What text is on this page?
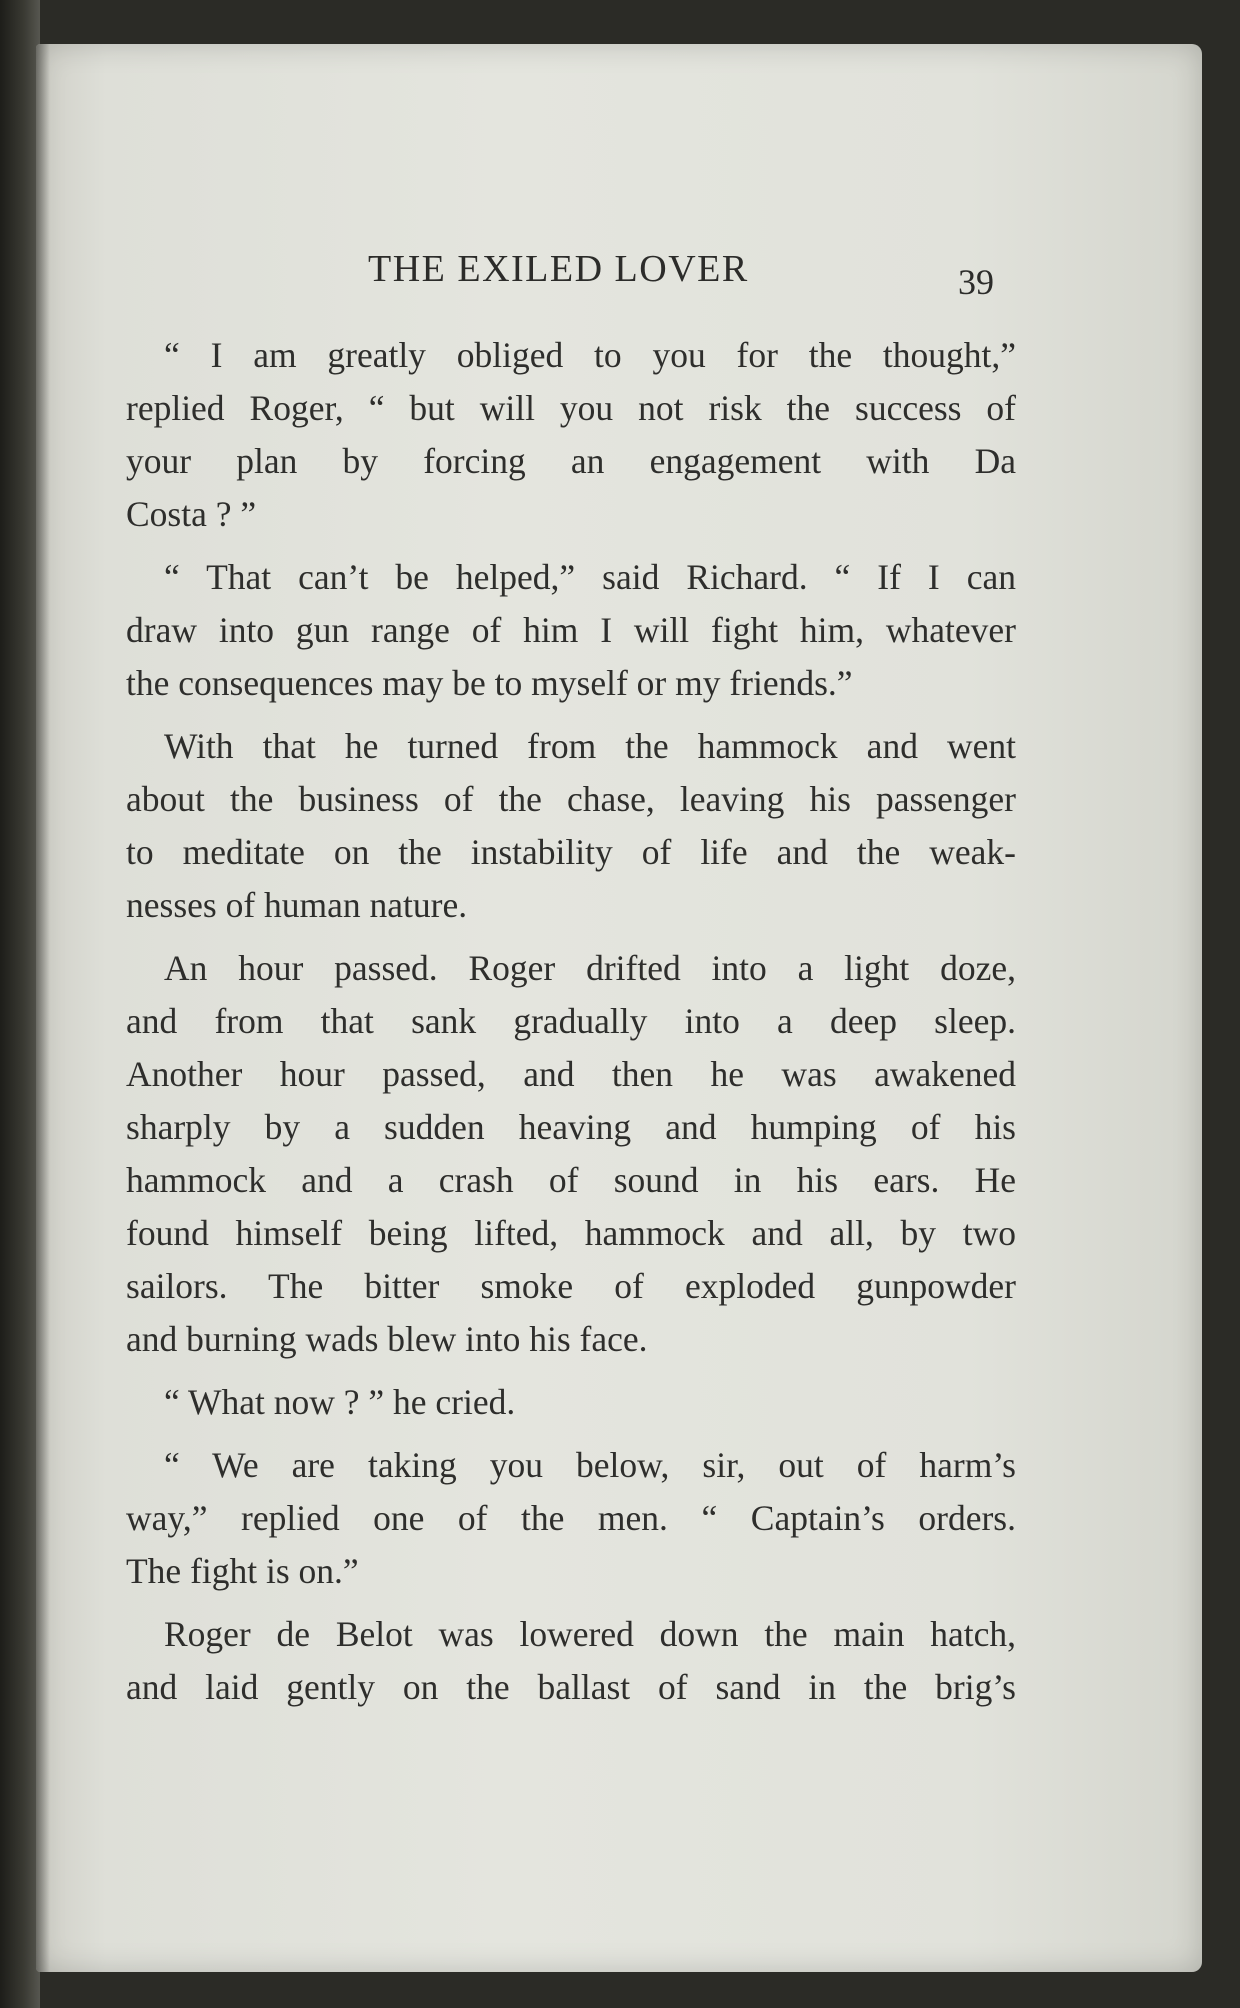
THE EXILED LOVER	39
“ I am greatly obliged to you for the thought,”
replied Roger, “ but will you not risk the success of
your plan by forcing an engagement with Da
Costa ? ”
“ That can’t be helped,” said Richard. “ If I can
draw into gun range of him I will fight him, whatever
the consequences may be to myself or my friends.”
With that he turned from the hammock and went
about the business of the chase, leaving his passenger
to meditate on the instability of life and the weak-
nesses of human nature.
An hour passed. Roger drifted into a light doze,
and from that sank gradually into a deep sleep.
Another hour passed, and then he was awakened
sharply by a sudden heaving and humping of his
hammock and a crash of sound in his ears. He
found himself being lifted, hammock and all, by two
sailors. The bitter smoke of exploded gunpowder
and burning wads blew into his face.
“ What now ? ” he cried.
“ We are taking you below, sir, out of harm’s
way,” replied one of the men. “ Captain’s orders.
The fight is on.”
Roger de Belot was lowered down the main hatch,
and laid gently on the ballast of sand in the brig’s
